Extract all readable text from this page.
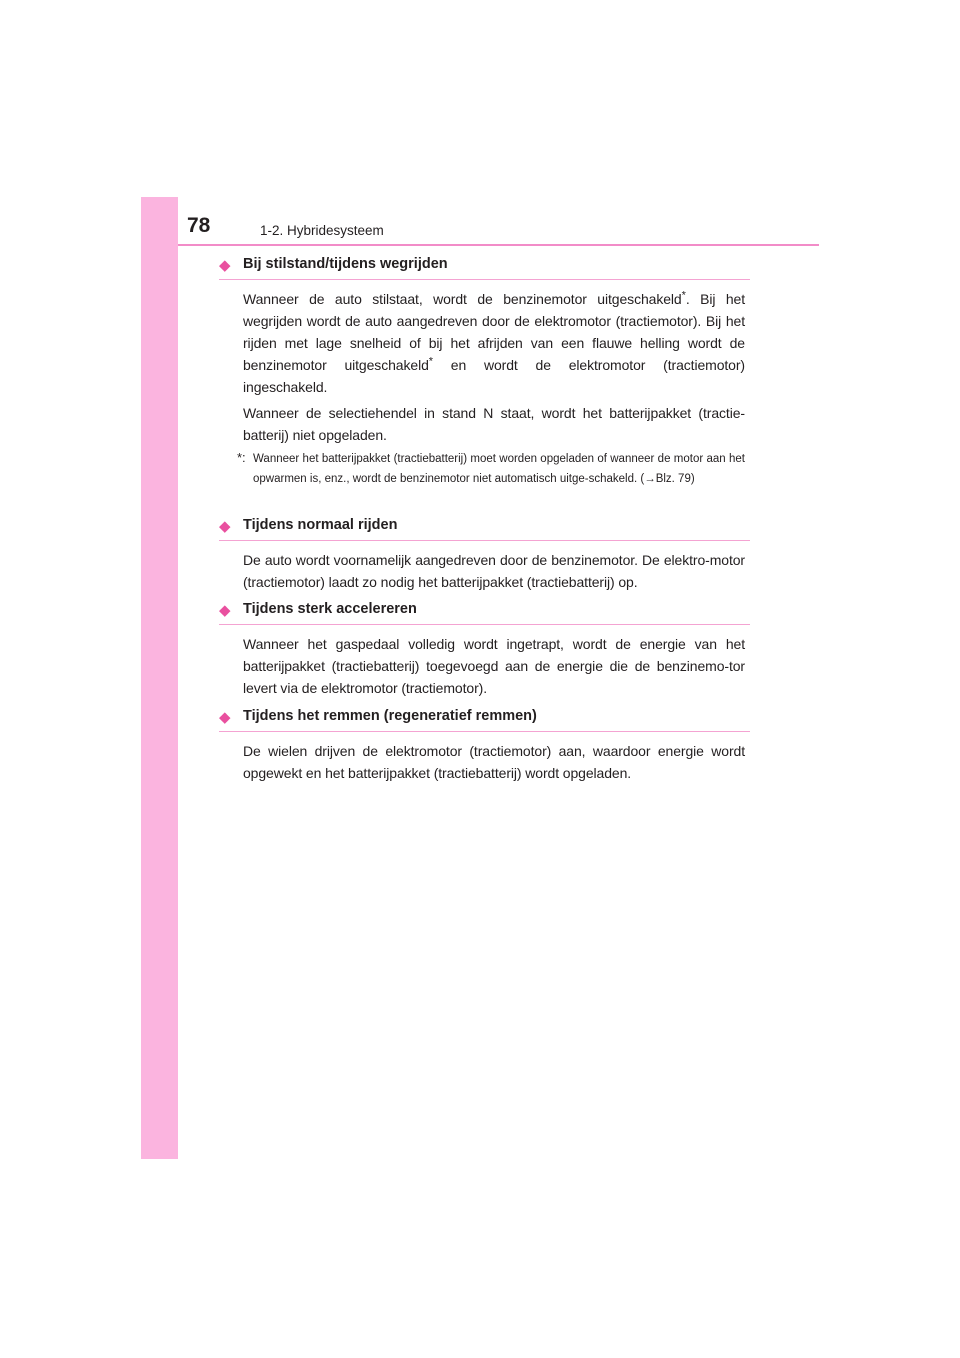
78	1-2. Hybridesysteem
◆ Bij stilstand/tijdens wegrijden

Wanneer de auto stilstaat, wordt de benzinemotor uitgeschakeld*. Bij het wegrijden wordt de auto aangedreven door de elektromotor (tractiemotor). Bij het rijden met lage snelheid of bij het afrijden van een flauwe helling wordt de benzinemotor uitgeschakeld* en wordt de elektromotor (tractiemotor) ingeschakeld.

Wanneer de selectiehendel in stand N staat, wordt het batterijpakket (tractie-batterij) niet opgeladen.

*: Wanneer het batterijpakket (tractiebatterij) moet worden opgeladen of wanneer de motor aan het opwarmen is, enz., wordt de benzinemotor niet automatisch uitge-schakeld. (→Blz. 79)
◆ Tijdens normaal rijden

De auto wordt voornamelijk aangedreven door de benzinemotor. De elektro-motor (tractiemotor) laadt zo nodig het batterijpakket (tractiebatterij) op.

◆ Tijdens sterk accelereren

Wanneer het gaspedaal volledig wordt ingetrapt, wordt de energie van het batterijpakket (tractiebatterij) toegevoegd aan de energie die de benzinemo-tor levert via de elektromotor (tractiemotor).

◆ Tijdens het remmen (regeneratief remmen)

De wielen drijven de elektromotor (tractiemotor) aan, waardoor energie wordt opgewekt en het batterijpakket (tractiebatterij) wordt opgeladen.
